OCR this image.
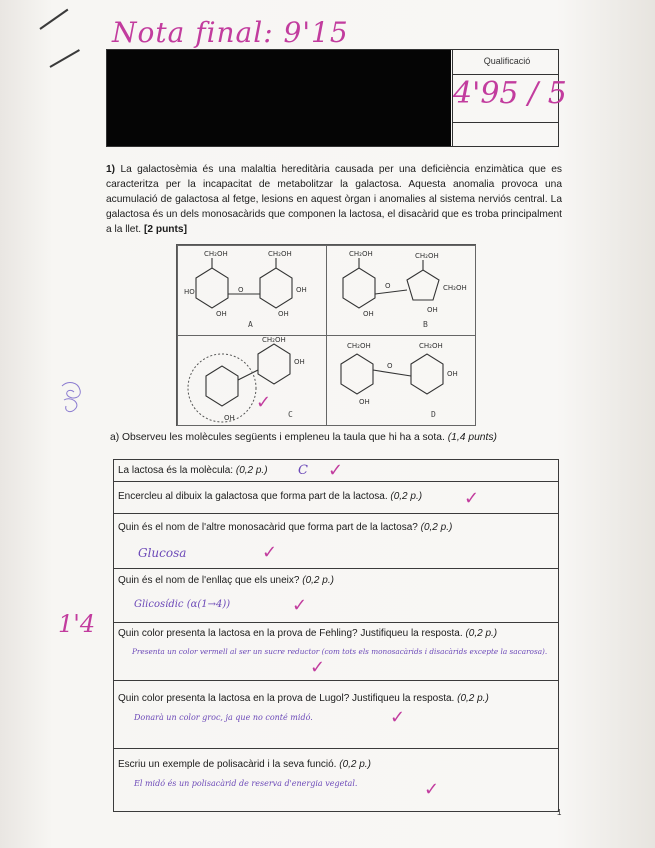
Nota final: 9'15
Qualificació
4'95 / 5
1) La galactosèmia és una malaltia hereditària causada per una deficiència enzimàtica que es caracteritza per la incapacitat de metabolitzar la galactosa. Aquesta anomalia provoca una acumulació de galactosa al fetge, lesions en aquest òrgan i anomalies al sistema nerviós central. La galactosa és un dels monosacàrids que componen la lactosa, el disacàrid que es troba principalment a la llet. [2 punts]
CH₂OH	CH₂OH
HO	O	OH
OH	OH
A
CH₂OH	CH₂OH
O	CH₂OH
OH	OH
B
CH₂OH
OH
OH	C
CH₂OH	CH₂OH
OH
O
OH
D
✓
a) Observeu les molècules següents i empleneu la taula que hi ha a sota. (1,4 punts)
La lactosa és la molècula: (0,2 p.) C ✓
Encercleu al dibuix la galactosa que forma part de la lactosa. (0,2 p.) ✓
Quin és el nom de l'altre monosacàrid que forma part de la lactosa? (0,2 p.)
Glucosa	✓
Quin és el nom de l'enllaç que els uneix? (0,2 p.)
Glicosídic (α(1→4))	✓
Quin color presenta la lactosa en la prova de Fehling? Justifiqueu la resposta. (0,2 p.)
Presenta un color vermell al ser un sucre reductor (com tots els monosacàrids i disacàrids excepte la sacarosa).
✓
Quin color presenta la lactosa en la prova de Lugol? Justifiqueu la resposta. (0,2 p.)
Donarà un color groc, ja que no conté midó.	✓
Escriu un exemple de polisacàrid i la seva funció. (0,2 p.)
El midó és un polisacàrid de reserva d'energia vegetal.	✓
1'4
1
